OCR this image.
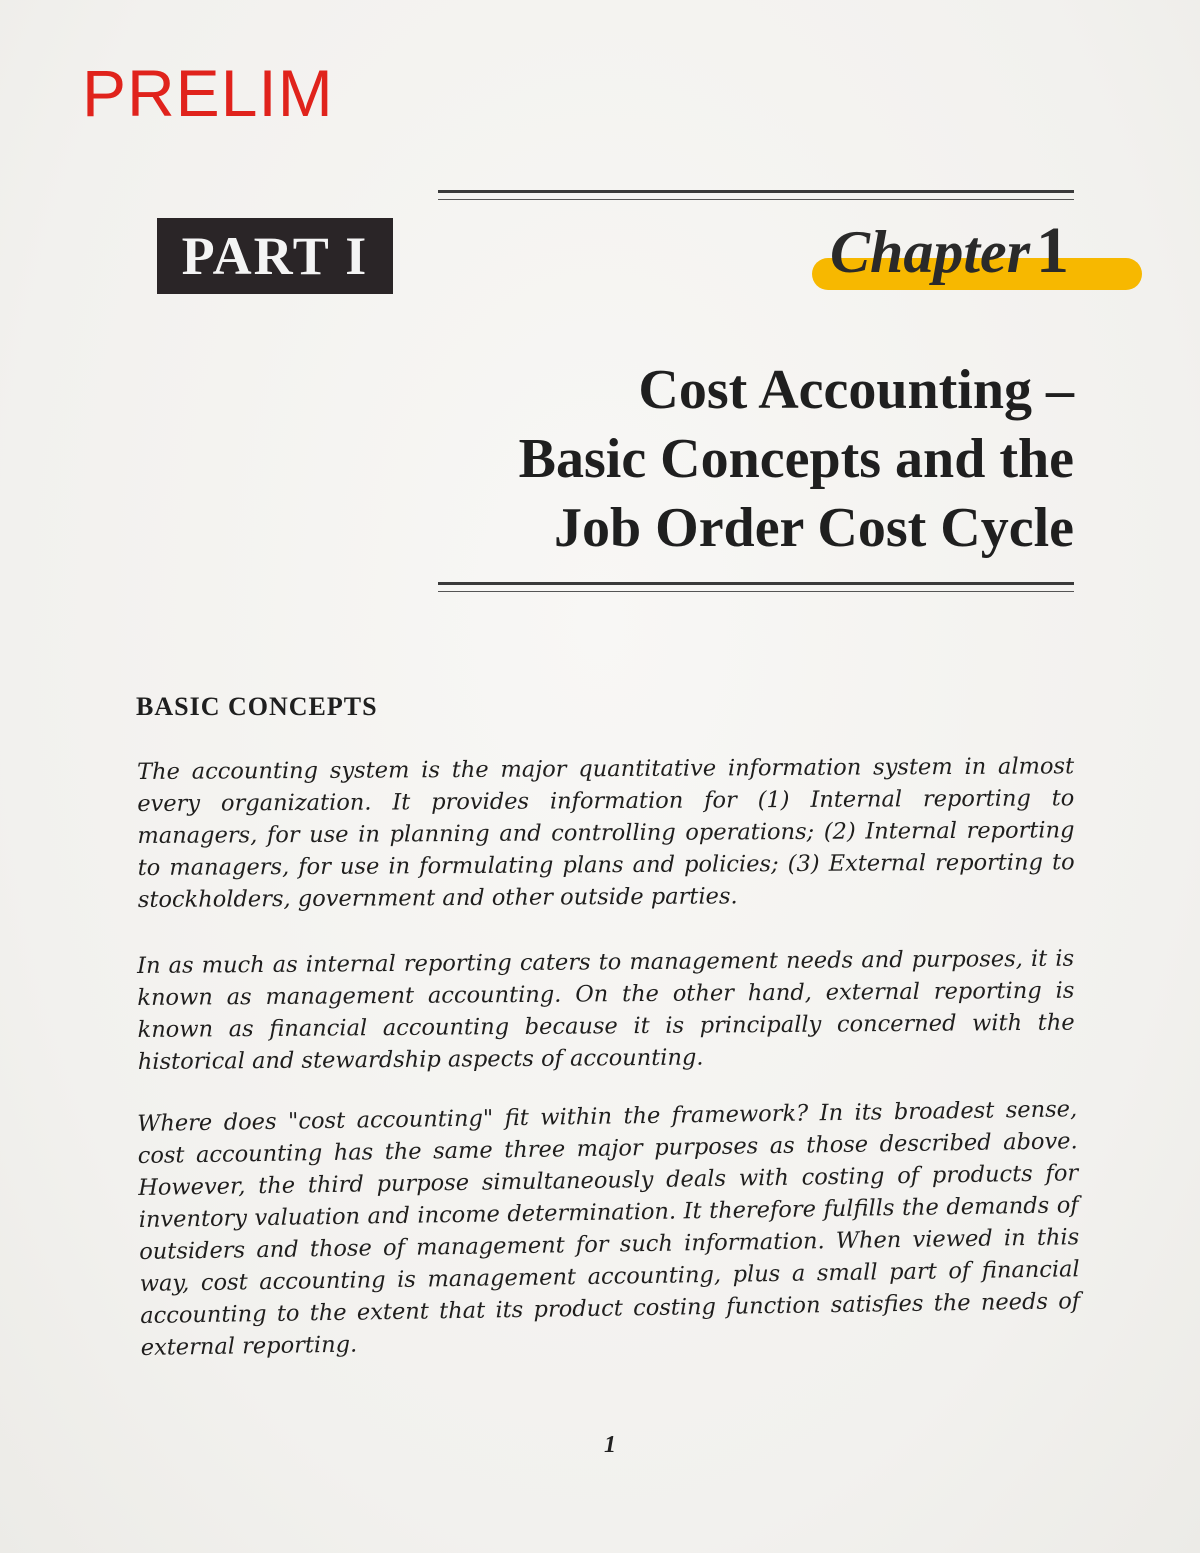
PRELIM
PART I	Chapter1
Cost Accounting –
Basic Concepts and the
Job Order Cost Cycle
BASIC CONCEPTS

The accounting system is the major quantitative information system in almost every organization. It provides information for (1) Internal reporting to managers, for use in planning and controlling operations; (2) Internal reporting to managers, for use in formulating plans and policies; (3) External reporting to stockholders, government and other outside parties.

In as much as internal reporting caters to management needs and purposes, it is known as management accounting. On the other hand, external reporting is known as financial accounting because it is principally concerned with the historical and stewardship aspects of accounting.

Where does "cost accounting" fit within the framework? In its broadest sense, cost accounting has the same three major purposes as those described above. However, the third purpose simultaneously deals with costing of products for inventory valuation and income determination. It therefore fulfills the demands of outsiders and those of management for such information. When viewed in this way, cost accounting is management accounting, plus a small part of financial accounting to the extent that its product costing function satisfies the needs of external reporting.

1
